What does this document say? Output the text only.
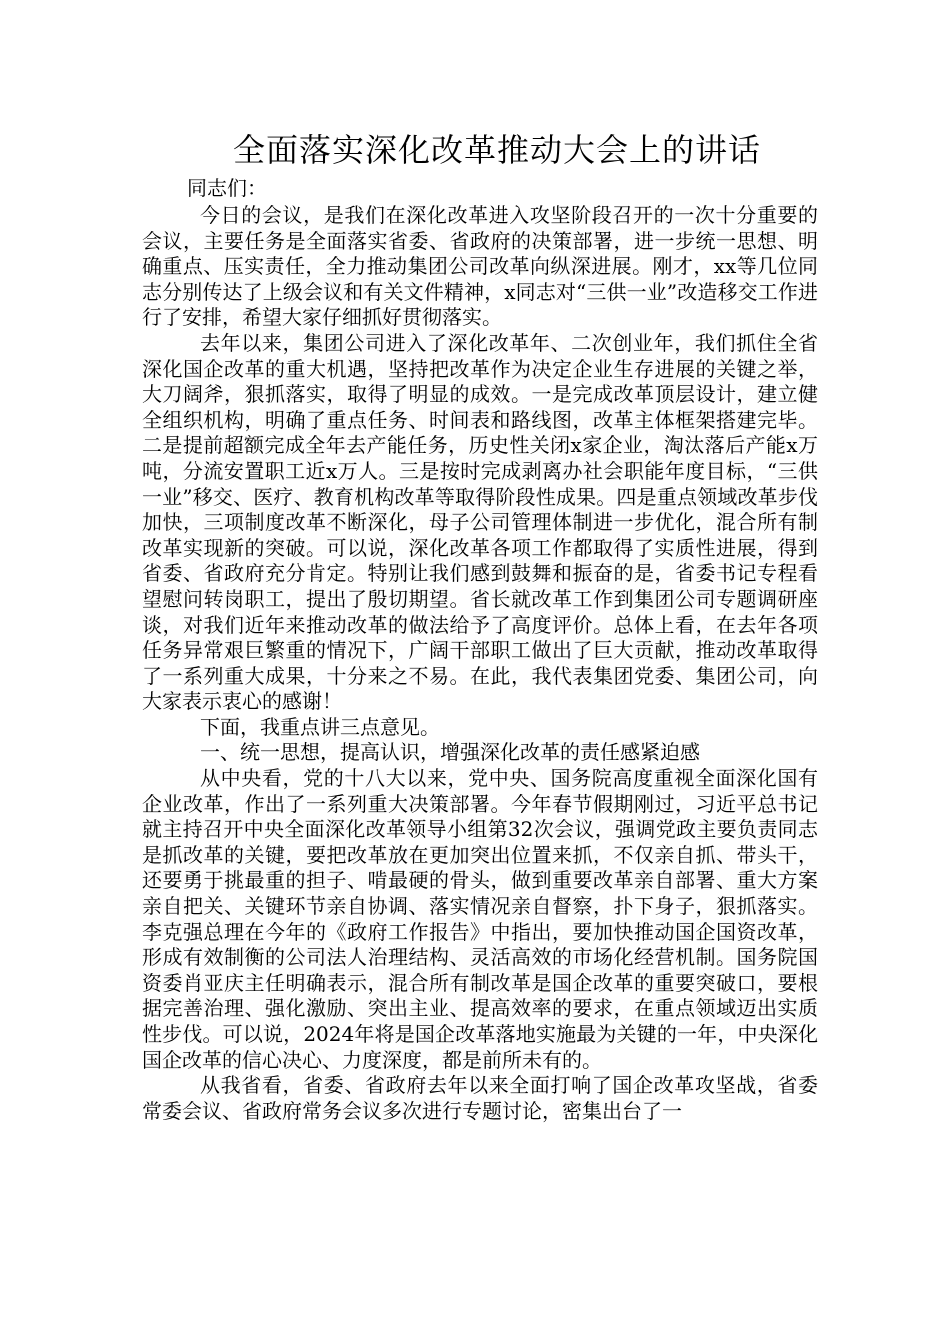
全面落实深化改革推动大会上的讲话
同志们：

今日的会议，是我们在深化改革进入攻坚阶段召开的一次十分重要的会议，主要任务是全面落实省委、省政府的决策部署，进一步统一思想、明确重点、压实责任，全力推动集团公司改革向纵深进展。刚才，xx等几位同志分别传达了上级会议和有关文件精神，x同志对“三供一业”改造移交工作进行了安排，希望大家仔细抓好贯彻落实。

去年以来，集团公司进入了深化改革年、二次创业年，我们抓住全省深化国企改革的重大机遇，坚持把改革作为决定企业生存进展的关键之举，大刀阔斧，狠抓落实，取得了明显的成效。一是完成改革顶层设计，建立健全组织机构，明确了重点任务、时间表和路线图，改革主体框架搭建完毕。二是提前超额完成全年去产能任务，历史性关闭x家企业，淘汰落后产能x万吨，分流安置职工近x万人。三是按时完成剥离办社会职能年度目标，“三供一业”移交、医疗、教育机构改革等取得阶段性成果。四是重点领域改革步伐加快，三项制度改革不断深化，母子公司管理体制进一步优化，混合所有制改革实现新的突破。可以说，深化改革各项工作都取得了实质性进展，得到省委、省政府充分肯定。特别让我们感到鼓舞和振奋的是，省委书记专程看望慰问转岗职工，提出了殷切期望。省长就改革工作到集团公司专题调研座谈，对我们近年来推动改革的做法给予了高度评价。总体上看，在去年各项任务异常艰巨繁重的情况下，广阔干部职工做出了巨大贡献，推动改革取得了一系列重大成果，十分来之不易。在此，我代表集团党委、集团公司，向大家表示衷心的感谢！

下面，我重点讲三点意见。

一、统一思想，提高认识，增强深化改革的责任感紧迫感

从中央看，党的十八大以来，党中央、国务院高度重视全面深化国有企业改革，作出了一系列重大决策部署。今年春节假期刚过，习近平总书记就主持召开中央全面深化改革领导小组第32次会议，强调党政主要负责同志是抓改革的关键，要把改革放在更加突出位置来抓，不仅亲自抓、带头干，还要勇于挑最重的担子、啃最硬的骨头，做到重要改革亲自部署、重大方案亲自把关、关键环节亲自协调、落实情况亲自督察，扑下身子，狠抓落实。李克强总理在今年的《政府工作报告》中指出，要加快推动国企国资改革，形成有效制衡的公司法人治理结构、灵活高效的市场化经营机制。国务院国资委肖亚庆主任明确表示，混合所有制改革是国企改革的重要突破口，要根据完善治理、强化激励、突出主业、提高效率的要求，在重点领域迈出实质性步伐。可以说，2024年将是国企改革落地实施最为关键的一年，中央深化国企改革的信心决心、力度深度，都是前所未有的。

从我省看，省委、省政府去年以来全面打响了国企改革攻坚战，省委常委会议、省政府常务会议多次进行专题讨论，密集出台了一
